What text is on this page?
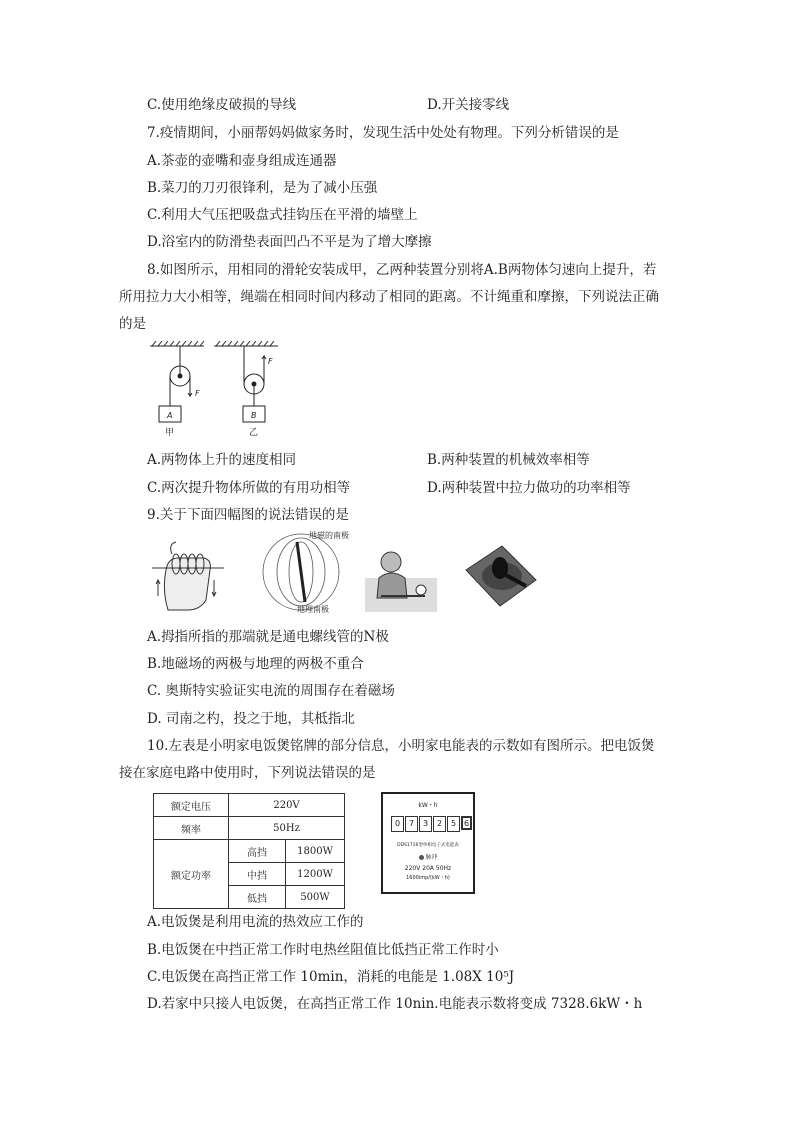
C.使用绝缘皮破损的导线	D.开关接零线
7.疫情期间，小丽帮妈妈做家务时，发现生活中处处有物理。下列分析错误的是
A.茶壶的壶嘴和壶身组成连通器
B.菜刀的刀刃很锋利，是为了减小压强
C.利用大气压把吸盘式挂钩压在平滑的墙壁上
D.浴室内的防滑垫表面凹凸不平是为了增大摩擦
8.如图所示，用相同的滑轮安装成甲，乙两种装置分别将A.B两物体匀速向上提升，若
所用拉力大小相等，绳端在相同时间内移动了相同的距离。不计绳重和摩擦，下列说法正确
的是
F
A
甲
F
B
乙
A.两物体上升的速度相同	B.两种装置的机械效率相等
C.两次提升物体所做的有用功相等	D.两种装置中拉力做功的功率相等
9.关于下面四幅图的说法错误的是
地磁的南极
地理南极
A.拇指所指的那端就是通电螺线管的N极
B.地磁场的两极与地理的两极不重合
C. 奥斯特实验证实电流的周围存在着磁场
D. 司南之杓，投之于地，其柢指北
10.左表是小明家电饭煲铭牌的部分信息，小明家电能表的示数如有图所示。把电饭煲
接在家庭电路中使用时，下列说法错误的是
额定电压	220V	
频率	50Hz	
额定功率	高挡	1800W
	中挡	1200W
	低挡	500W
kW・h
0	7	3	2	5 6
DDS1716型单相电子式电能表
脉冲
220V 20A 50Hz
1600imp/(kW・h)
A.电饭煲是利用电流的热效应工作的
B.电饭煲在中挡正常工作时电热丝阻值比低挡正常工作时小
C.电饭煲在高挡正常工作 10min，消耗的电能是 1.08X 10⁵J
D.若家中只接人电饭煲，在高挡正常工作 10nin.电能表示数将变成 7328.6kW・h
